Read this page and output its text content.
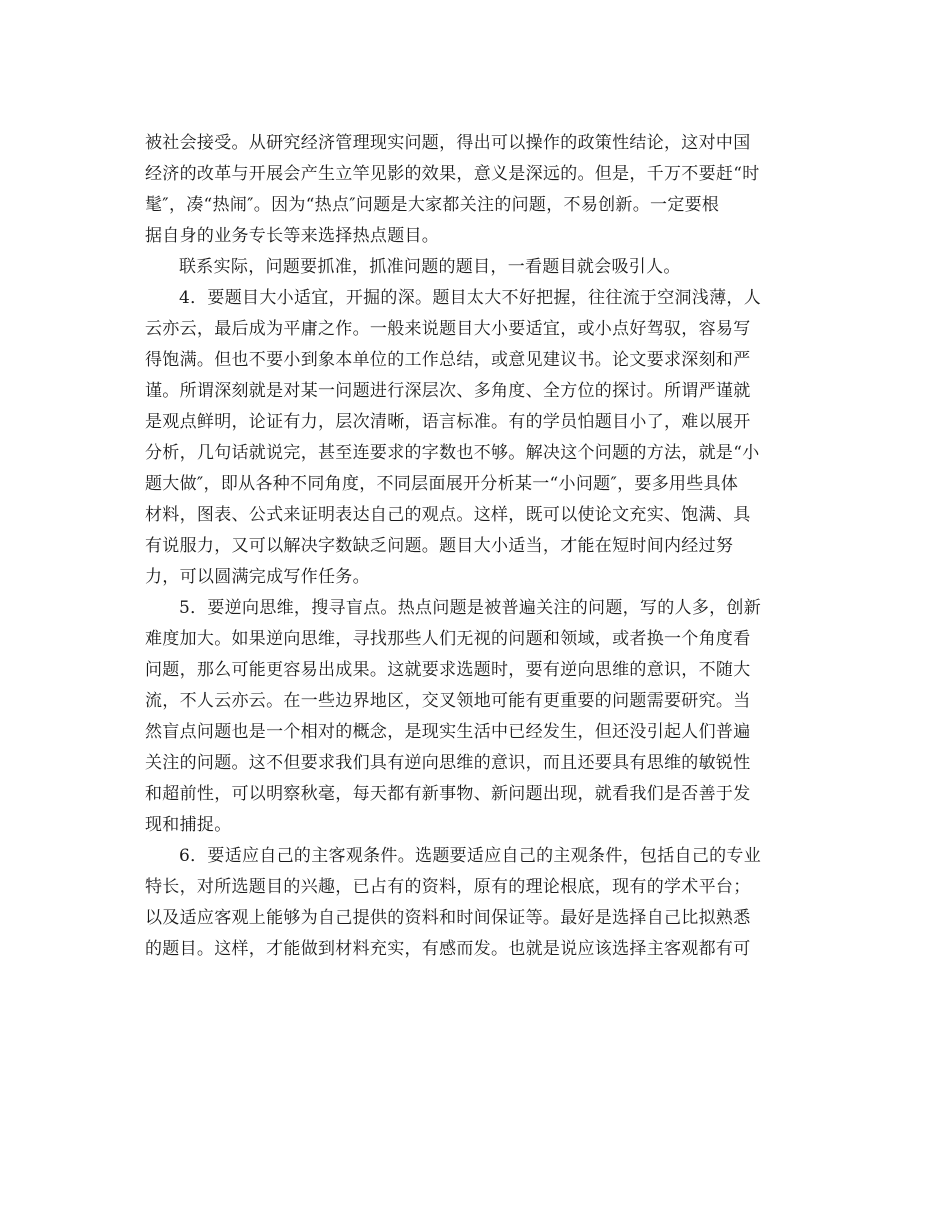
被社会接受。从研究经济管理现实问题，得出可以操作的政策性结论，这对中国
经济的改革与开展会产生立竿见影的效果，意义是深远的。但是，千万不要赶“时
髦″，凑“热闹″。因为“热点″问题是大家都关注的问题，不易创新。一定要根
据自身的业务专长等来选择热点题目。
联系实际，问题要抓准，抓准问题的题目，一看题目就会吸引人。
4．要题目大小适宜，开掘的深。题目太大不好把握，往往流于空洞浅薄，人
云亦云，最后成为平庸之作。一般来说题目大小要适宜，或小点好驾驭，容易写
得饱满。但也不要小到象本单位的工作总结，或意见建议书。论文要求深刻和严
谨。所谓深刻就是对某一问题进行深层次、多角度、全方位的探讨。所谓严谨就
是观点鲜明，论证有力，层次清晰，语言标准。有的学员怕题目小了，难以展开
分析，几句话就说完，甚至连要求的字数也不够。解决这个问题的方法，就是“小
题大做″，即从各种不同角度，不同层面展开分析某一“小问题″，要多用些具体
材料，图表、公式来证明表达自己的观点。这样，既可以使论文充实、饱满、具
有说服力，又可以解决字数缺乏问题。题目大小适当，才能在短时间内经过努
力，可以圆满完成写作任务。
5．要逆向思维，搜寻盲点。热点问题是被普遍关注的问题，写的人多，创新
难度加大。如果逆向思维，寻找那些人们无视的问题和领域，或者换一个角度看
问题，那么可能更容易出成果。这就要求选题时，要有逆向思维的意识，不随大
流，不人云亦云。在一些边界地区，交叉领地可能有更重要的问题需要研究。当
然盲点问题也是一个相对的概念，是现实生活中已经发生，但还没引起人们普遍
关注的问题。这不但要求我们具有逆向思维的意识，而且还要具有思维的敏锐性
和超前性，可以明察秋毫，每天都有新事物、新问题出现，就看我们是否善于发
现和捕捉。
6．要适应自己的主客观条件。选题要适应自己的主观条件，包括自己的专业
特长，对所选题目的兴趣，已占有的资料，原有的理论根底，现有的学术平台；
以及适应客观上能够为自己提供的资料和时间保证等。最好是选择自己比拟熟悉
的题目。这样，才能做到材料充实，有感而发。也就是说应该选择主客观都有可
